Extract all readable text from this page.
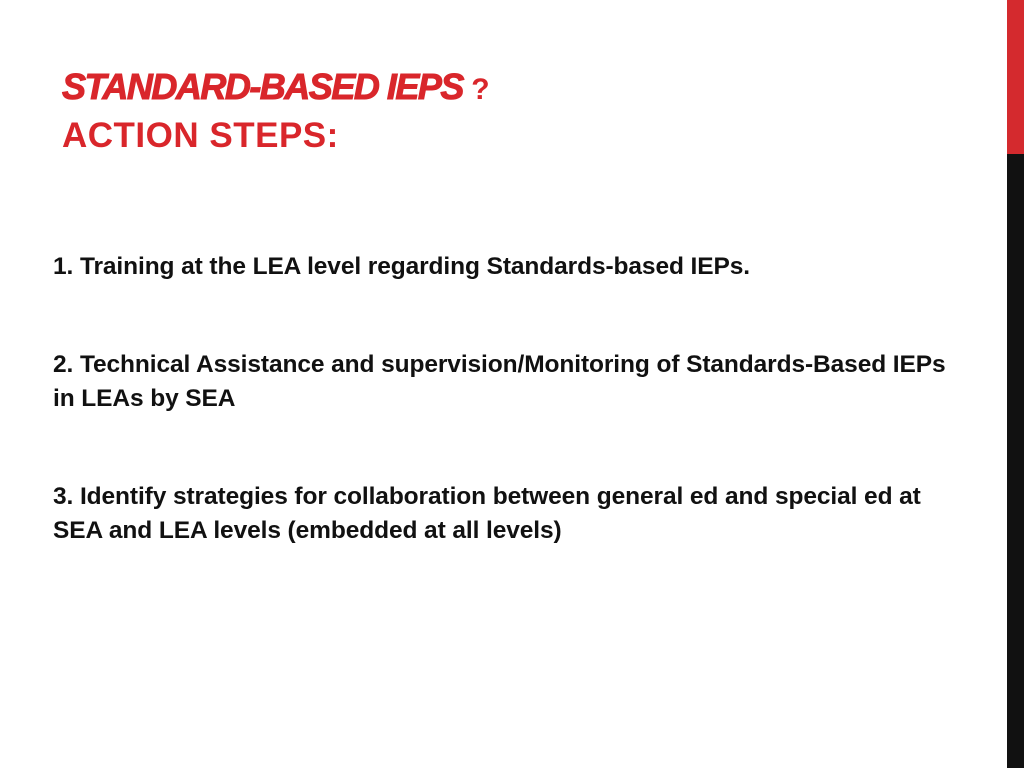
STANDARD-BASED IEPS ?
ACTION STEPS:
1. Training at the LEA level regarding Standards-based IEPs.
2. Technical Assistance and supervision/Monitoring of Standards-Based IEPs in LEAs by SEA
3. Identify strategies for collaboration between general ed and special ed at SEA and LEA levels (embedded at all levels)
